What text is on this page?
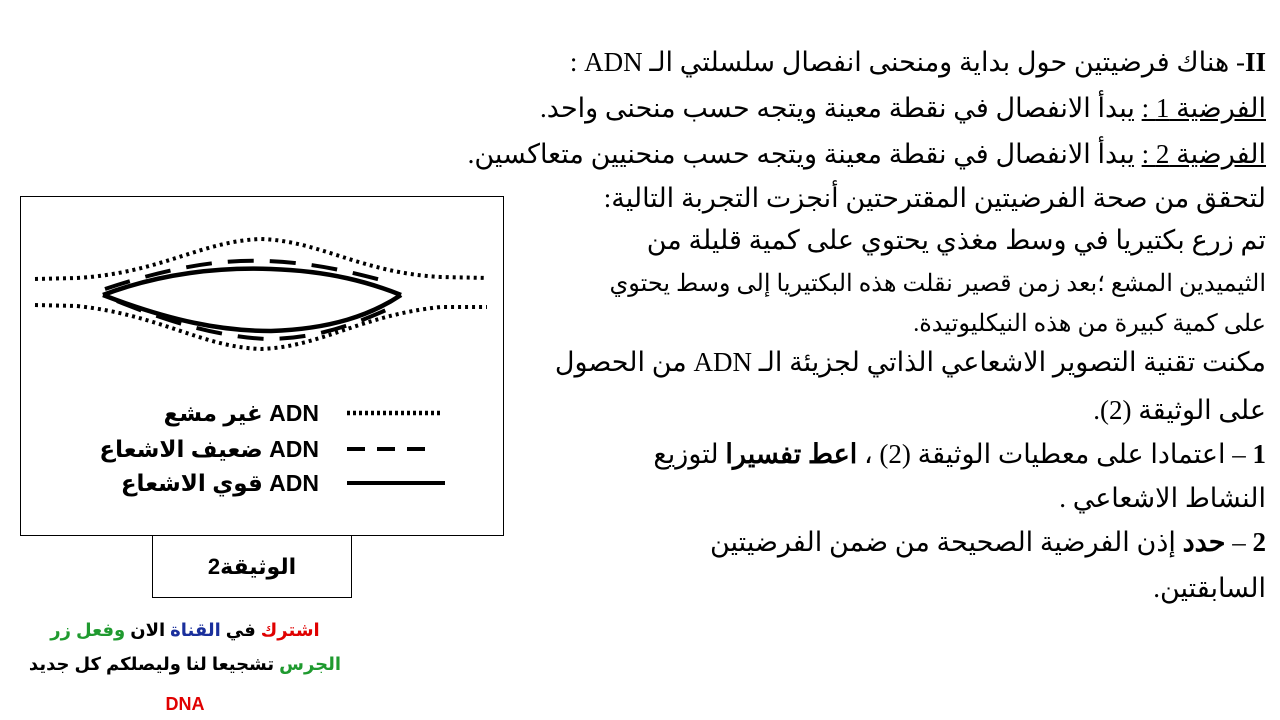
II- هناك فرضيتين حول بداية ومنحنى انفصال سلسلتي الـ ADN :
الفرضية 1 : يبدأ الانفصال في نقطة معينة ويتجه حسب منحنى واحد.
الفرضية 2 : يبدأ الانفصال في نقطة معينة ويتجه حسب منحنيين متعاكسين.
لتحقق من صحة الفرضيتين المقترحتين أنجزت التجربة التالية:
تم زرع بكتيريا في وسط مغذي يحتوي على كمية قليلة من
الثيميدين المشع ؛بعد زمن قصير نقلت هذه البكتيريا إلى وسط يحتوي
على كمية كبيرة من هذه النيكليوتيدة.
مكنت تقنية التصوير الاشعاعي الذاتي لجزيئة الـ ADN من الحصول
على الوثيقة (2).
1 – اعتمادا على معطيات الوثيقة (2) ، اعط تفسيرا لتوزيع
النشاط الاشعاعي .
2 – حدد إذن الفرضية الصحيحة من ضمن الفرضيتين
السابقتين.
ADN غير مشع
ADN ضعيف الاشعاع
ADN قوي الاشعاع
الوثيقة2
اشترك في القناة الان وفعل زر
الجرس تشجيعا لنا وليصلكم كل جديد
DNA
